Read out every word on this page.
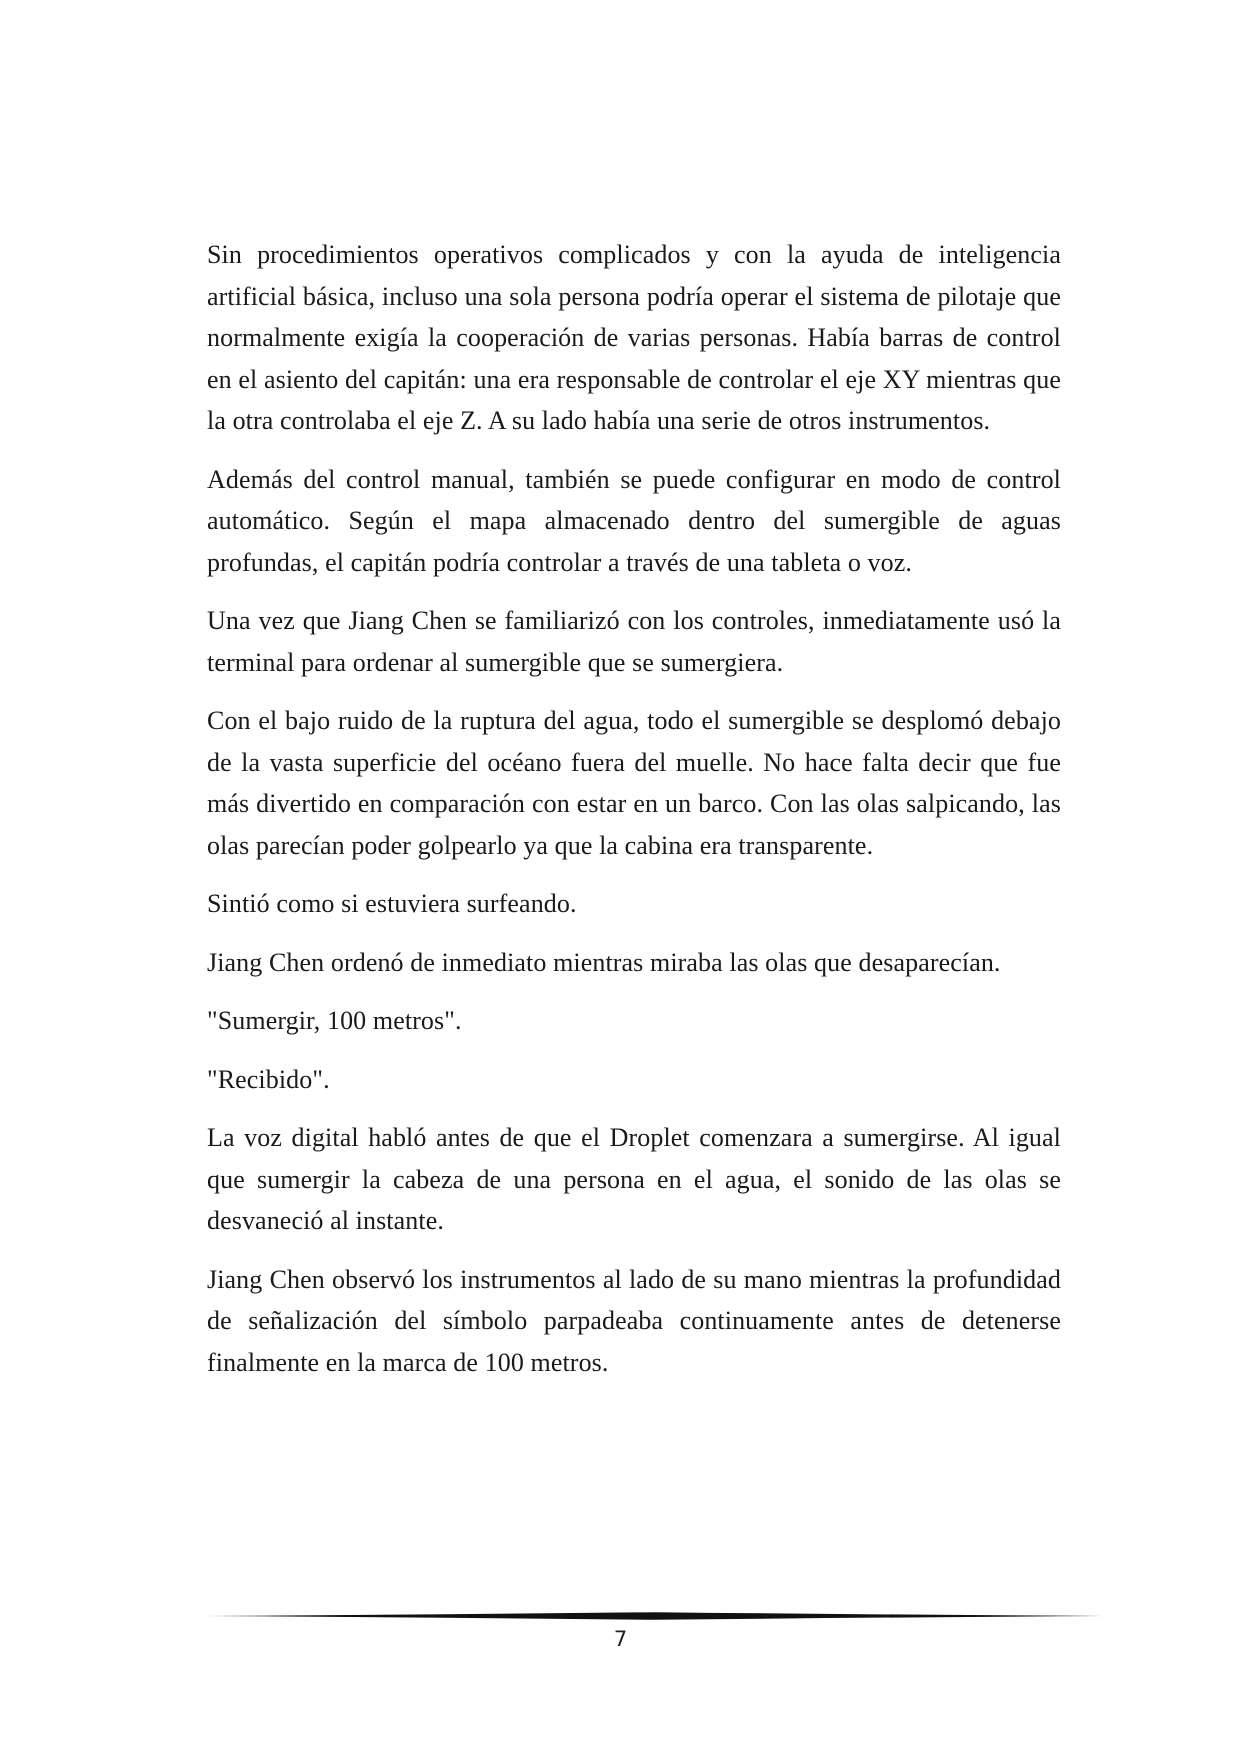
Sin procedimientos operativos complicados y con la ayuda de inteligencia artificial básica, incluso una sola persona podría operar el sistema de pilotaje que normalmente exigía la cooperación de varias personas. Había barras de control en el asiento del capitán: una era responsable de controlar el eje XY mientras que la otra controlaba el eje Z. A su lado había una serie de otros instrumentos.

Además del control manual, también se puede configurar en modo de control automático. Según el mapa almacenado dentro del sumergible de aguas profundas, el capitán podría controlar a través de una tableta o voz.

Una vez que Jiang Chen se familiarizó con los controles, inmediatamente usó la terminal para ordenar al sumergible que se sumergiera.

Con el bajo ruido de la ruptura del agua, todo el sumergible se desplomó debajo de la vasta superficie del océano fuera del muelle. No hace falta decir que fue más divertido en comparación con estar en un barco. Con las olas salpicando, las olas parecían poder golpearlo ya que la cabina era transparente.

Sintió como si estuviera surfeando.

Jiang Chen ordenó de inmediato mientras miraba las olas que desaparecían.

"Sumergir, 100 metros".

"Recibido".

La voz digital habló antes de que el Droplet comenzara a sumergirse. Al igual que sumergir la cabeza de una persona en el agua, el sonido de las olas se desvaneció al instante.

Jiang Chen observó los instrumentos al lado de su mano mientras la profundidad de señalización del símbolo parpadeaba continuamente antes de detenerse finalmente en la marca de 100 metros.

7
